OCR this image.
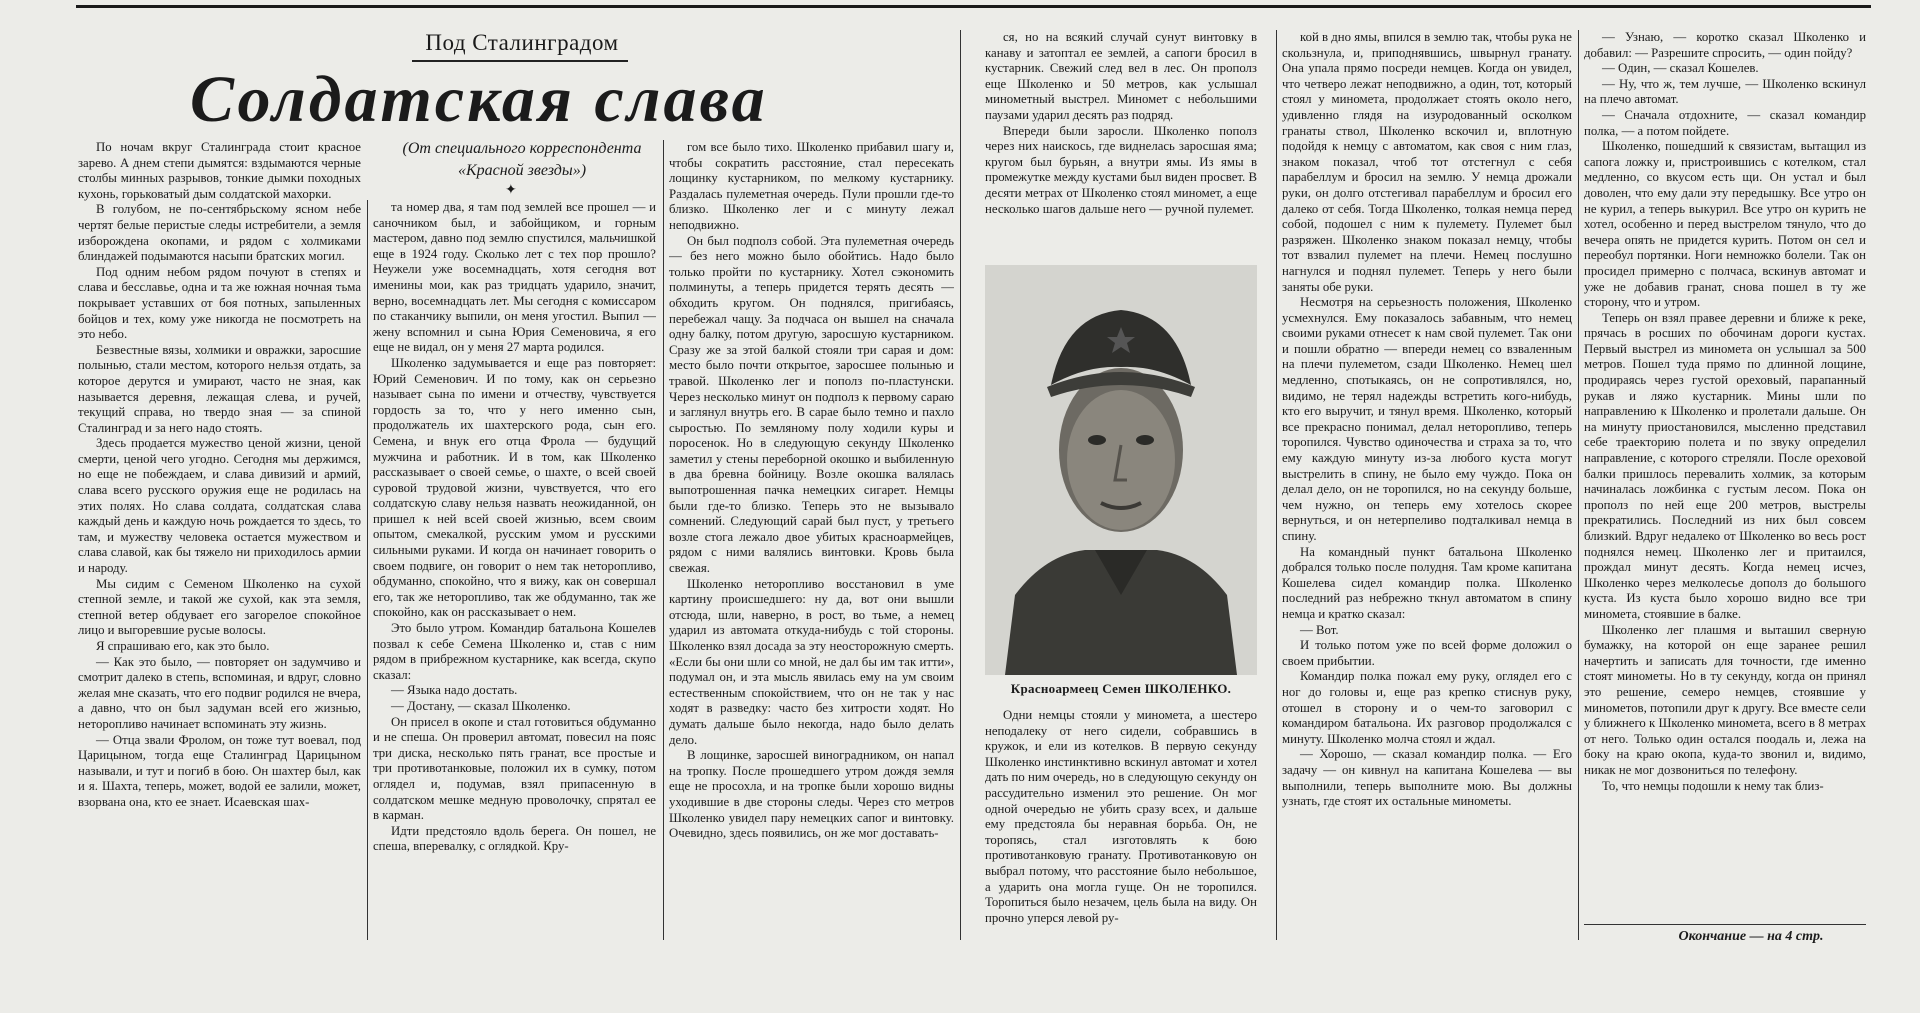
Под Сталинградом
Солдатская слава
(От специального корреспондента «Красной звезды»)
✦

По ночам вкруг Сталинграда стоит красное зарево. А днем степи дымятся: вздымаются черные столбы минных разрывов, тонкие дымки походных кухонь, горьковатый дым солдатской махорки.

В голубом, не по-сентябрьскому ясном небе чертят белые перистые следы истребители, а земля изборождена окопами, и рядом с холмиками блиндажей подымаются насыпи братских могил.

Под одним небом рядом почуют в степях и слава и бесславье, одна и та же южная ночная тьма покрывает уставших от боя потных, запыленных бойцов и тех, кому уже никогда не посмотреть на это небо.

Безвестные вязы, холмики и овражки, заросшие полынью, стали местом, которого нельзя отдать, за которое дерутся и умирают, часто не зная, как называется деревня, лежащая слева, и ручей, текущий справа, но твердо зная — за спиной Сталинград и за него надо стоять.

Здесь продается мужество ценой жизни, ценой смерти, ценой чего угодно. Сегодня мы держимся, но еще не побеждаем, и слава дивизий и армий, слава всего русского оружия еще не родилась на этих полях. Но слава солдата, солдатская слава каждый день и каждую ночь рождается то здесь, то там, и мужеству человека остается мужеством и слава славой, как бы тяжело ни приходилось армии и народу.

Мы сидим с Семеном Школенко на сухой степной земле, и такой же сухой, как эта земля, степной ветер обдувает его загорелое спокойное лицо и выгоревшие русые волосы.

Я спрашиваю его, как это было.

— Как это было, — повторяет он задумчиво и смотрит далеко в степь, вспоминая, и вдруг, словно желая мне сказать, что его подвиг родился не вчера, а давно, что он был задуман всей его жизнью, неторопливо начинает вспоминать эту жизнь.

— Отца звали Фролом, он тоже тут воевал, под Царицыном, тогда еще Сталинград Царицыном называли, и тут и погиб в бою. Он шахтер был, как и я. Шахта, теперь, может, водой ее залили, может, взорвана она, кто ее знает. Исаевская шах-

та номер два, я там под землей все прошел — и саночником был, и забойщиком, и горным мастером, давно под землю спустился, мальчишкой еще в 1924 году. Сколько лет с тех пор прошло? Неужели уже восемнадцать, хотя сегодня вот именины мои, как раз тридцать ударило, значит, верно, восемнадцать лет. Мы сегодня с комиссаром по стаканчику выпили, он меня угостил. Выпил — жену вспомнил и сына Юрия Семеновича, я его еще не видал, он у меня 27 марта родился.

Школенко задумывается и еще раз повторяет: Юрий Семенович. И по тому, как он серьезно называет сына по имени и отчеству, чувствуется гордость за то, что у него именно сын, продолжатель их шахтерского рода, сын его. Семена, и внук его отца Фрола — будущий мужчина и работник. И в том, как Школенко рассказывает о своей семье, о шахте, о всей своей суровой трудовой жизни, чувствуется, что его солдатскую славу нельзя назвать неожиданной, он пришел к ней всей своей жизнью, всем своим опытом, смекалкой, русским умом и русскими сильными руками. И когда он начинает говорить о своем подвиге, он говорит о нем так неторопливо, обдуманно, спокойно, что я вижу, как он совершал его, так же неторопливо, так же обдуманно, так же спокойно, как он рассказывает о нем.

Это было утром. Командир батальона Кошелев позвал к себе Семена Школенко и, став с ним рядом в прибрежном кустарнике, как всегда, скупо сказал:

— Языка надо достать.

— Достану, — сказал Школенко.

Он присел в окопе и стал готовиться обдуманно и не спеша. Он проверил автомат, повесил на пояс три диска, несколько пять гранат, все простые и три противотанковые, положил их в сумку, потом оглядел и, подумав, взял припасенную в солдатском мешке медную проволочку, спрятал ее в карман.

Идти предстояло вдоль берега. Он пошел, не спеша, вперевалку, с оглядкой. Кру-

гом все было тихо. Школенко прибавил шагу и, чтобы сократить расстояние, стал пересекать лощинку кустарником, по мелкому кустарнику. Раздалась пулеметная очередь. Пули прошли где-то близко. Школенко лег и с минуту лежал неподвижно.

Он был подполз собой. Эта пулеметная очередь — без него можно было обойтись. Надо было только пройти по кустарнику. Хотел сэкономить полминуты, а теперь придется терять десять — обходить кругом. Он поднялся, пригибаясь, перебежал чащу. За подчаса он вышел на сначала одну балку, потом другую, заросшую кустарником. Сразу же за этой балкой стояли три сарая и дом: место было почти открытое, заросшее полынью и травой. Школенко лег и пополз по-пластунски. Через несколько минут он подполз к первому сараю и заглянул внутрь его. В сарае было темно и пахло сыростью. По земляному полу ходили куры и поросенок. Но в следующую секунду Школенко заметил у стены переборной окошко и выбиленную в два бревна бойницу. Возле окошка валялась выпотрошенная пачка немецких сигарет. Немцы были где-то близко. Теперь это не вызывало сомнений. Следующий сарай был пуст, у третьего возле стога лежало двое убитых красноармейцев, рядом с ними валялись винтовки. Кровь была свежая.

Школенко неторопливо восстановил в уме картину происшедшего: ну да, вот они вышли отсюда, шли, наверно, в рост, во тьме, а немец ударил из автомата откуда-нибудь с той стороны. Школенко взял досада за эту неосторожную смерть. «Если бы они шли со мной, не дал бы им так итти», подумал он, и эта мысль явилась ему на ум своим естественным спокойствием, что он не так у нас ходят в разведку: часто без хитрости ходят. Но думать дальше было некогда, надо было делать дело.

В лощинке, заросшей виноградником, он напал на тропку. После прошедшего утром дождя земля еще не просохла, и на тропке были хорошо видны уходившие в две стороны следы. Через сто метров Школенко увидел пару немецких сапог и винтовку. Очевидно, здесь появились, он же мог доставать-

ся, но на всякий случай сунут винтовку в канаву и затоптал ее землей, а сапоги бросил в кустарник. Свежий след вел в лес. Он прополз еще Школенко и 50 метров, как услышал минометный выстрел. Миномет с небольшими паузами ударил десять раз подряд.

Впереди были заросли. Школенко пополз через них наискось, где виднелась заросшая яма; кругом был бурьян, а внутри ямы. Из ямы в промежутке между кустами был виден просвет. В десяти метрах от Школенко стоял миномет, а еще несколько шагов дальше него — ручной пулемет.

Красноармеец Семен ШКОЛЕНКО.

Одни немцы стояли у миномета, а шестеро неподалеку от него сидели, собравшись в кружок, и ели из котелков. В первую секунду Школенко инстинктивно вскинул автомат и хотел дать по ним очередь, но в следующую секунду он рассудительно изменил это решение. Он мог одной очередью не убить сразу всех, и дальше ему предстояла бы неравная борьба. Он, не торопясь, стал изготовлять к бою противотанковую гранату. Противотанковую он выбрал потому, что расстояние было небольшое, а ударить она могла гуще. Он не торопился. Торопиться было незачем, цель была на виду. Он прочно уперся левой ру-

кой в дно ямы, впился в землю так, чтобы рука не скользнула, и, приподнявшись, швырнул гранату. Она упала прямо посреди немцев. Когда он увидел, что четверо лежат неподвижно, а один, тот, который стоял у миномета, продолжает стоять около него, удивленно глядя на изуродованный осколком гранаты ствол, Школенко вскочил и, вплотную подойдя к немцу с автоматом, как своя с ним глаз, знаком показал, чтоб тот отстегнул с себя парабеллум и бросил на землю. У немца дрожали руки, он долго отстегивал парабеллум и бросил его далеко от себя. Тогда Школенко, толкая немца перед собой, подошел с ним к пулемету. Пулемет был разряжен. Школенко знаком показал немцу, чтобы тот взвалил пулемет на плечи. Немец послушно нагнулся и поднял пулемет. Теперь у него были заняты обе руки.

Несмотря на серьезность положения, Школенко усмехнулся. Ему показалось забавным, что немец своими руками отнесет к нам свой пулемет. Так они и пошли обратно — впереди немец со взваленным на плечи пулеметом, сзади Школенко. Немец шел медленно, спотыкаясь, он не сопротивлялся, но, видимо, не терял надежды встретить кого-нибудь, кто его выручит, и тянул время. Школенко, который все прекрасно понимал, делал неторопливо, теперь торопился. Чувство одиночества и страха за то, что ему каждую минуту из-за любого куста могут выстрелить в спину, не было ему чуждо. Пока он делал дело, он не торопился, но на секунду больше, чем нужно, он теперь ему хотелось скорее вернуться, и он нетерпеливо подталкивал немца в спину.

На командный пункт батальона Школенко добрался только после полудня. Там кроме капитана Кошелева сидел командир полка. Школенко последний раз небрежно ткнул автоматом в спину немца и кратко сказал:

— Вот.

И только потом уже по всей форме доложил о своем прибытии.

Командир полка пожал ему руку, оглядел его с ног до головы и, еще раз крепко стиснув руку, отошел в сторону и о чем-то заговорил с командиром батальона. Их разговор продолжался с минуту. Школенко молча стоял и ждал.

— Хорошо, — сказал командир полка. — Его задачу — он кивнул на капитана Кошелева — вы выполнили, теперь выполните мою. Вы должны узнать, где стоят их остальные минометы.

— Узнаю, — коротко сказал Школенко и добавил: — Разрешите спросить, — один пойду?

— Один, — сказал Кошелев.

— Ну, что ж, тем лучше, — Школенко вскинул на плечо автомат.

— Сначала отдохните, — сказал командир полка, — а потом пойдете.

Школенко, пошедший к связистам, вытащил из сапога ложку и, пристроившись с котелком, стал медленно, со вкусом есть щи. Он устал и был доволен, что ему дали эту передышку. Все утро он не курил, а теперь выкурил. Все утро он курить не хотел, особенно и перед выстрелом тянуло, что до вечера опять не придется курить. Потом он сел и переобул портянки. Ноги немножко болели. Так он просидел примерно с полчаса, вскинув автомат и уже не добавив гранат, снова пошел в ту же сторону, что и утром.

Теперь он взял правее деревни и ближе к реке, прячась в росших по обочинам дороги кустах. Первый выстрел из миномета он услышал за 500 метров. Пошел туда прямо по длинной лощине, продираясь через густой ореховый, парапанный рукав и ляжо кустарник. Мины шли по направлению к Школенко и пролетали дальше. Он на минуту приостановился, мысленно представил себе траекторию полета и по звуку определил направление, с которого стреляли. После ореховой балки пришлось перевалить холмик, за которым начиналась ложбинка с густым лесом. Пока он прополз по ней еще 200 метров, выстрелы прекратились. Последний из них был совсем близкий. Вдруг недалеко от Школенко во весь рост поднялся немец. Школенко лег и притаился, прождал минут десять. Когда немец исчез, Школенко через мелколесье дополз до большого куста. Из куста было хорошо видно все три миномета, стоявшие в балке.

Школенко лег плашмя и выташил сверную бумажку, на которой он еще заранее решил начертить и записать для точности, где именно стоят минометы. Но в ту секунду, когда он принял это решение, семеро немцев, стоявшие у минометов, потопили друг к другу. Все вместе сели у ближнего к Школенко миномета, всего в 8 метрах от него. Только один остался поодаль и, лежа на боку на краю окопа, куда-то звонил и, видимо, никак не мог дозвониться по телефону.

То, что немцы подошли к нему так близ-

Окончание — на 4 стр.
